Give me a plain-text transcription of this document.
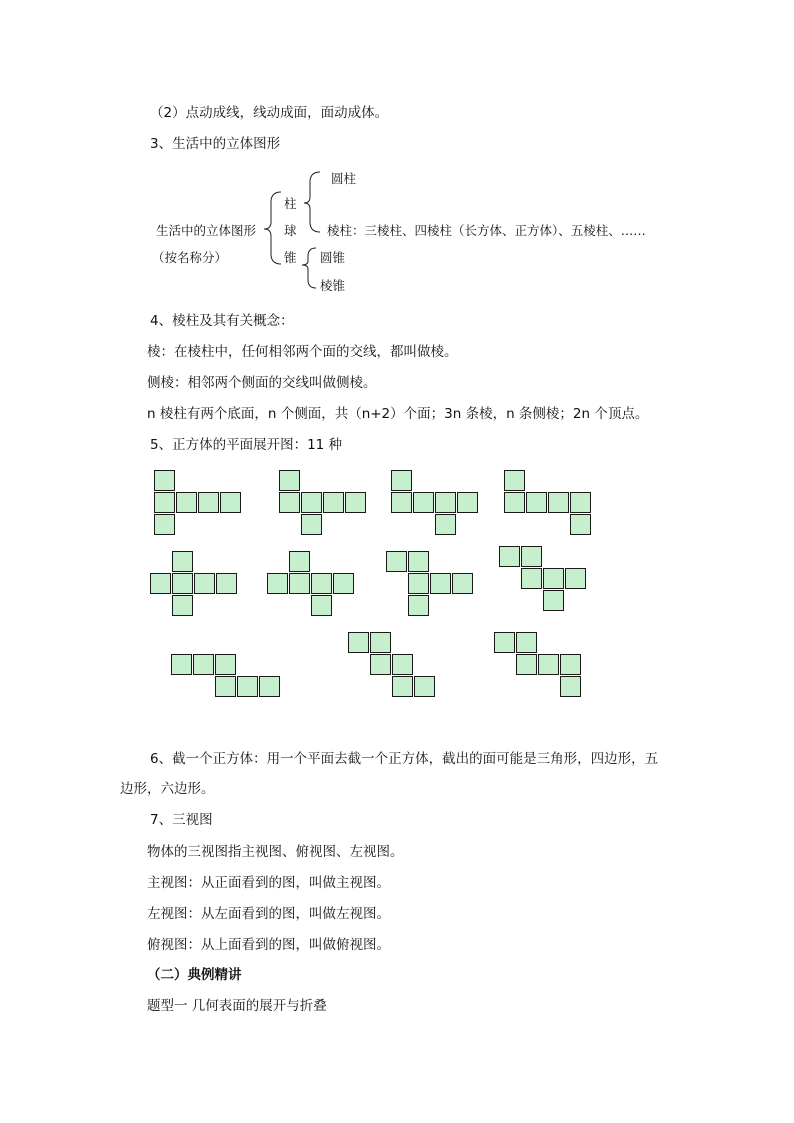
（2）点动成线，线动成面，面动成体。
3、生活中的立体图形
生活中的立体图形
（按名称分）
柱
球
锥
圆柱
棱柱：三棱柱、四棱柱（长方体、正方体）、五棱柱、……
圆锥
棱锥
4、棱柱及其有关概念：
棱：在棱柱中，任何相邻两个面的交线，都叫做棱。
侧棱：相邻两个侧面的交线叫做侧棱。
n 棱柱有两个底面，n 个侧面，共（n+2）个面；3n 条棱，n 条侧棱；2n 个顶点。
5、正方体的平面展开图：11 种
6、截一个正方体：用一个平面去截一个正方体，截出的面可能是三角形，四边形，五
边形，六边形。
7、三视图
物体的三视图指主视图、俯视图、左视图。
主视图：从正面看到的图，叫做主视图。
左视图：从左面看到的图，叫做左视图。
俯视图：从上面看到的图，叫做俯视图。
（二）典例精讲
题型一 几何表面的展开与折叠
